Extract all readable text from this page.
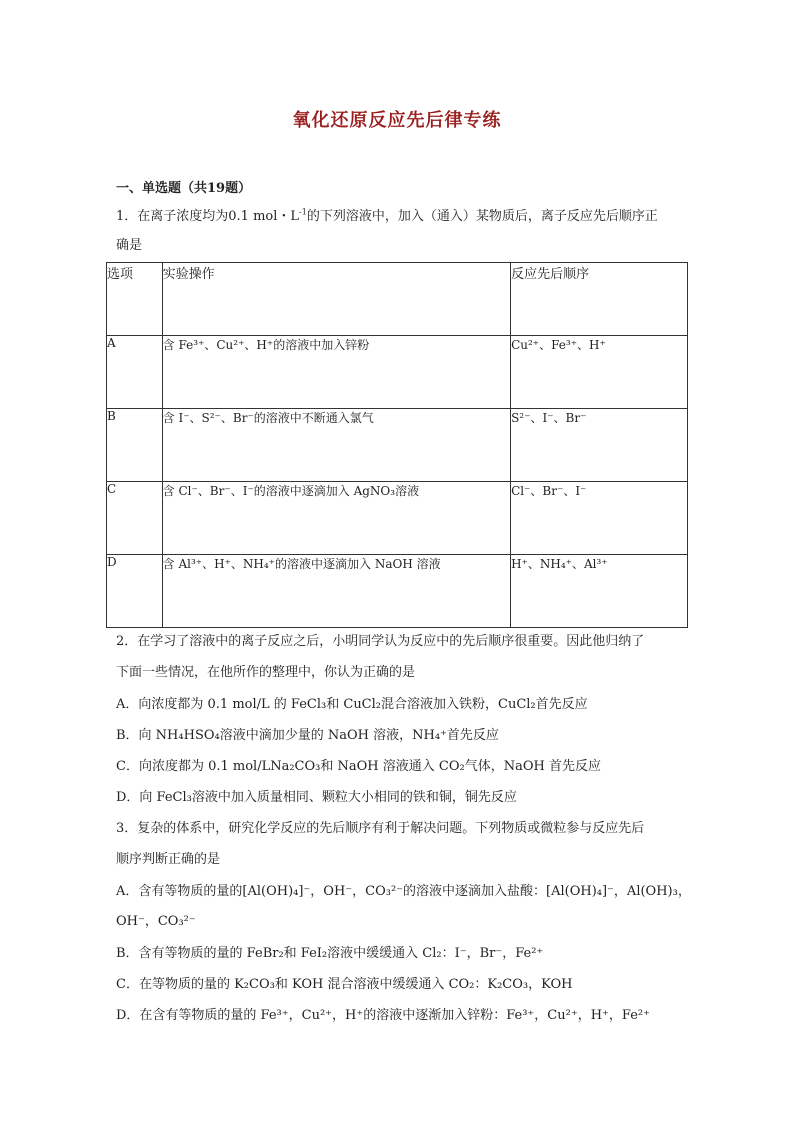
氧化还原反应先后律专练
一、单选题（共19题）
1．在离子浓度均为0.1 mol・$L^{-1}$的下列溶液中，加入（通入）某物质后，离子反应先后顺序正
确是
选项	实验操作	反应先后顺序
A	含 Fe³⁺、Cu²⁺、H⁺的溶液中加入锌粉	Cu²⁺、Fe³⁺、H⁺
B	含 I⁻、S²⁻、Br⁻的溶液中不断通入氯气	S²⁻、I⁻、Br⁻
C	含 Cl⁻、Br⁻、I⁻的溶液中逐滴加入 AgNO₃溶液	Cl⁻、Br⁻、I⁻
D	含 Al³⁺、H⁺、NH₄⁺的溶液中逐滴加入 NaOH 溶液	H⁺、NH₄⁺、Al³⁺
2．在学习了溶液中的离子反应之后，小明同学认为反应中的先后顺序很重要。因此他归纳了
下面一些情况，在他所作的整理中，你认为正确的是
A．向浓度都为 0.1 mol/L 的 FeCl₃和 CuCl₂混合溶液加入铁粉，CuCl₂首先反应
B．向 NH₄HSO₄溶液中滴加少量的 NaOH 溶液，NH₄⁺首先反应
C．向浓度都为 0.1 mol/LNa₂CO₃和 NaOH 溶液通入 CO₂气体，NaOH 首先反应
D．向 FeCl₃溶液中加入质量相同、颗粒大小相同的铁和铜，铜先反应
3．复杂的体系中，研究化学反应的先后顺序有利于解决问题。下列物质或微粒参与反应先后
顺序判断正确的是
A．含有等物质的量的[Al(OH)₄]⁻，OH⁻，CO₃²⁻的溶液中逐滴加入盐酸：[Al(OH)₄]⁻，Al(OH)₃，
OH⁻，CO₃²⁻
B．含有等物质的量的 FeBr₂和 FeI₂溶液中缓缓通入 Cl₂：I⁻，Br⁻，Fe²⁺
C．在等物质的量的 K₂CO₃和 KOH 混合溶液中缓缓通入 CO₂：K₂CO₃，KOH
D．在含有等物质的量的 Fe³⁺，Cu²⁺，H⁺的溶液中逐渐加入锌粉：Fe³⁺，Cu²⁺，H⁺，Fe²⁺
